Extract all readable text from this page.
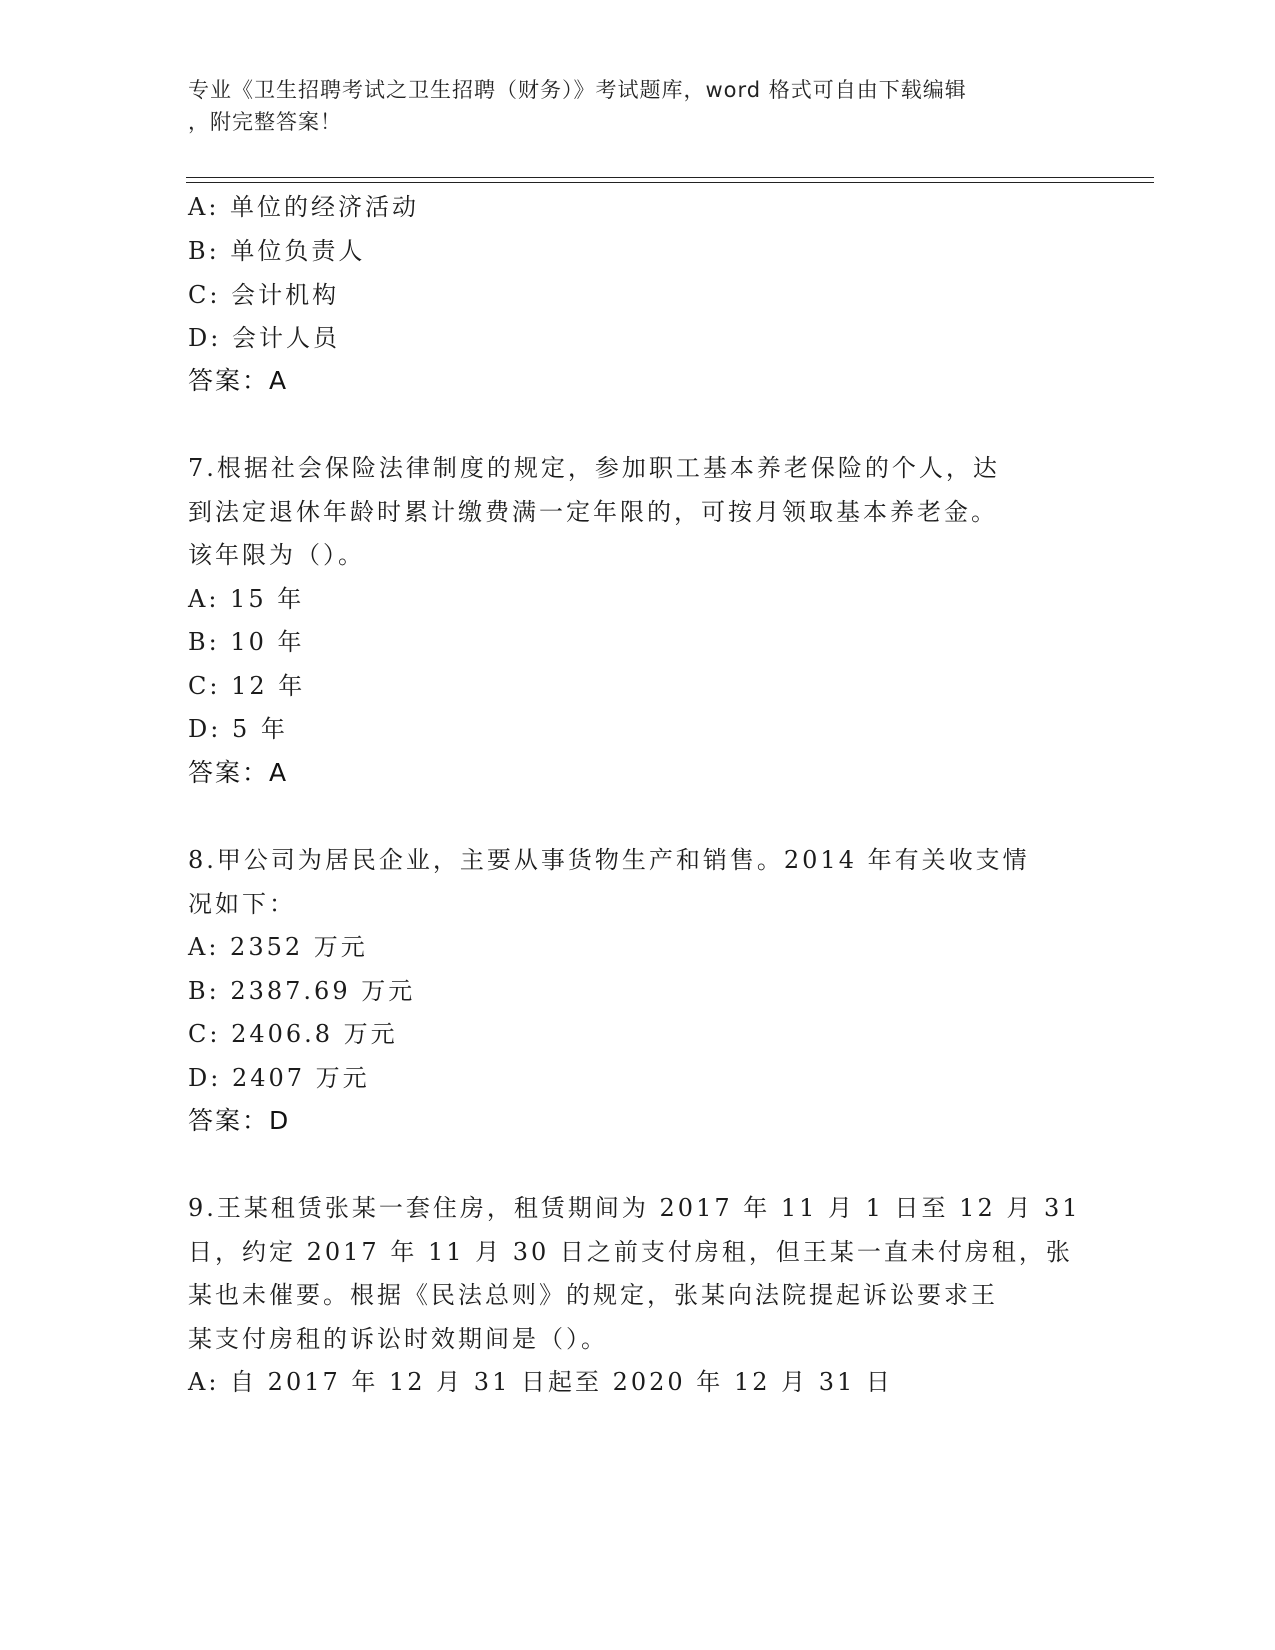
专业《卫生招聘考试之卫生招聘（财务）》考试题库，word 格式可自由下载编辑
，附完整答案！
A: 单位的经济活动
B: 单位负责人
C: 会计机构
D: 会计人员
答案：A
7.根据社会保险法律制度的规定，参加职工基本养老保险的个人，达
到法定退休年龄时累计缴费满一定年限的，可按月领取基本养老金。
该年限为（）。
A: 15 年
B: 10 年
C: 12 年
D: 5 年
答案：A
8.甲公司为居民企业，主要从事货物生产和销售。2014 年有关收支情
况如下：
A: 2352 万元
B: 2387.69 万元
C: 2406.8 万元
D: 2407 万元
答案：D
9.王某租赁张某一套住房，租赁期间为 2017 年 11 月 1 日至 12 月 31
日，约定 2017 年 11 月 30 日之前支付房租，但王某一直未付房租，张
某也未催要。根据《民法总则》的规定，张某向法院提起诉讼要求王
某支付房租的诉讼时效期间是（）。
A: 自 2017 年 12 月 31 日起至 2020 年 12 月 31 日
